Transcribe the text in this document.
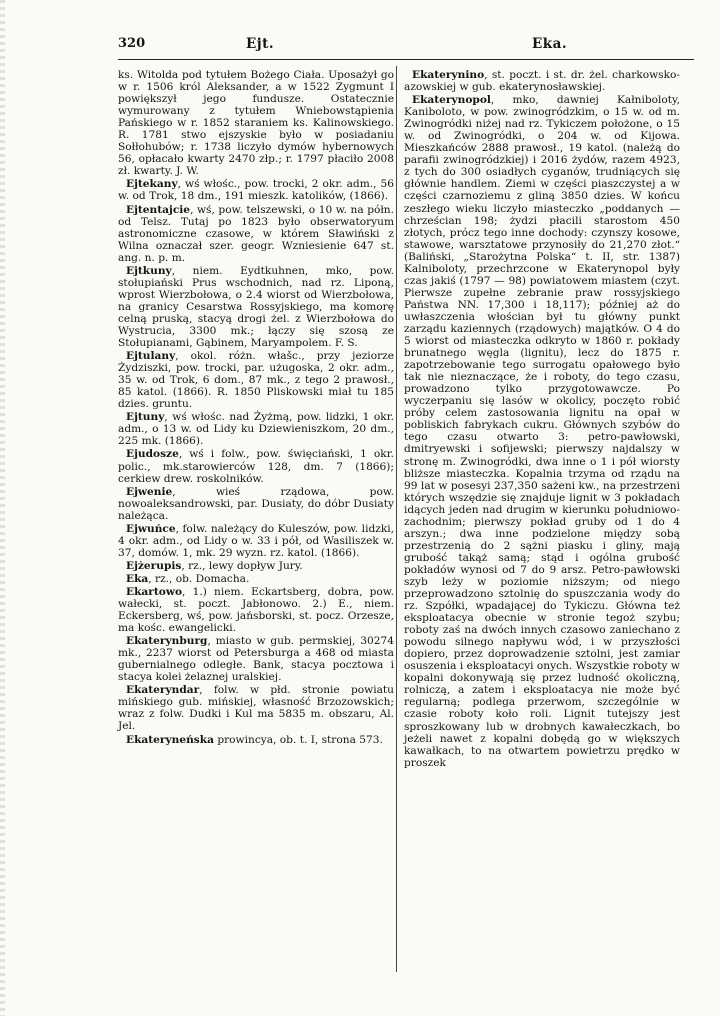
320	Ejt.	Eka.

ks. Witolda pod tytułem Bożego Ciała. Uposażył go w r. 1506 król Aleksander, a w 1522 Zygmunt I powiększył jego fundusze. Ostatecznie wymurowany z tytułem Wniebowstąpienia Pańskiego w r. 1852 staraniem ks. Kalinowskiego. R. 1781 stwo ejszyskie było w posiadaniu Sołłohubów; r. 1738 liczyło dymów hybernowych 56, opłacało kwarty 2470 złp.; r. 1797 płaciło 2008 zł. kwarty. J. W.

Ejtekany, wś włośc., pow. trocki, 2 okr. adm., 56 w. od Trok, 18 dm., 191 mieszk. katolików, (1866).

Ejtentajcie, wś, pow. telszewski, o 10 w. na półn. od Telsz. Tutaj po 1823 było obserwatoryum astronomiczne czasowe, w którem Sławiński z Wilna oznaczał szer. geogr. Wzniesienie 647 st. ang. n. p. m.

Ejtkuny, niem. Eydtkuhnen, mko, pow. stołupiański Prus wschodnich, nad rz. Liponą, wprost Wierzbołowa, o 2.4 wiorst od Wierzbołowa, na granicy Cesarstwa Rossyjskiego, ma komorę celną pruską, stacyą drogi żel. z Wierzbołowa do Wystrucia, 3300 mk.; łączy się szosą ze Stołupianami, Gąbinem, Maryampolem. F. S.

Ejtulany, okol. różn. włašc., przy jeziorze Żydziszki, pow. trocki, par. użugoska, 2 okr. adm., 35 w. od Trok, 6 dom., 87 mk., z tego 2 prawosł., 85 katol. (1866). R. 1850 Pliskowski miał tu 185 dzies. gruntu.

Ejtuny, wś włośc. nad Żyżmą, pow. lidzki, 1 okr. adm., o 13 w. od Lidy ku Dziewieniszkom, 20 dm., 225 mk. (1866).

Ejudosze, wś i folw., pow. święciański, 1 okr. polic., mk.starowierców 128, dm. 7 (1866); cerkiew drew. roskolników.

Ejwenie, wieś rządowa, pow. nowoaleksandrowski, par. Dusiaty, do dóbr Dusiaty należąca.

Ejwuńce, folw. należący do Kuleszów, pow. lidzki, 4 okr. adm., od Lidy o w. 33 i pół, od Wasiliszek w. 37, domów. 1, mk. 29 wyzn. rz. katol. (1866).

Ejżerupis, rz., lewy dopływ Jury.

Eka, rz., ob. Domacha.

Ekartowo, 1.) niem. Eckartsberg, dobra, pow. wałecki, st. poczt. Jabłonowo. 2.) E., niem. Eckersberg, wś, pow. jańsborski, st. pocz. Orzesze, ma kośc. ewangelicki.

Ekaterynburg, miasto w gub. permskiej, 30274 mk., 2237 wiorst od Petersburga a 468 od miasta gubernialnego odległe. Bank, stacya pocztowa i stacya kolei żelaznej uralskiej.

Ekateryndar, folw. w płd. stronie powiatu mińskiego gub. mińskiej, własność Brzozowskich; wraz z folw. Dudki i Kul ma 5835 m. obszaru, Al. Jel.

Ekateryneńska prowincya, ob. t. I, strona 573.

Ekaterynino, st. poczt. i st. dr. żel. charkowsko-azowskiej w gub. ekaterynosławskiej.

Ekaterynopol, mko, dawniej Kałniboloty, Kaniboloto, w pow. zwinogródzkim, o 15 w. od m. Zwinogródki niżej nad rz. Tykiczem położone, o 15 w. od Zwinogródki, o 204 w. od Kijowa. Mieszkańców 2888 prawosł., 19 katol. (należą do parafii zwinogródzkiej) i 2016 żydów, razem 4923, z tych do 300 osiadłych cyganów, trudniących się głównie handlem. Ziemi w części piaszczystej a w części czarnoziemu z gliną 3850 dzies. W końcu zeszłego wieku liczyło miasteczko „poddanych — chrześcian 198; żydzi płacili starostom 450 złotych, prócz tego inne dochody: czynszy kosowe, stawowe, warsztatowe przynosiły do 21,270 złot.“ (Baliński, „Starożytna Polska“ t. II, str. 1387) Kalniboloty, przechrzcone w Ekaterynopol były czas jakiś (1797 — 98) powiatowem miastem (czyt. Pierwsze zupełne zebranie praw rossyjskiego Państwa NN. 17,300 i 18,117); później aż do uwłaszczenia włościan był tu główny punkt zarządu kaziennych (rządowych) majątków. O 4 do 5 wiorst od miasteczka odkryto w 1860 r. pokłady brunatnego węgla (lignitu), lecz do 1875 r. zapotrzebowanie tego surrogatu opałowego było tak nie nieznaczące, że i roboty, do tego czasu, prowadzono tylko przygotowawcze. Po wyczerpaniu się lasów w okolicy, poczęto robić próby celem zastosowania lignitu na opał w pobliskich fabrykach cukru. Głównych szybów do tego czasu otwarto 3: petro-pawłowski, dmitryewski i sofijewski; pierwszy najdalszy w stronę m. Zwinogródki, dwa inne o 1 i pół wiorsty bliższe miasteczka. Kopalnia trzyma od rządu na 99 lat w posesyi 237,350 sażeni kw., na przestrzeni których wszędzie się znajduje lignit w 3 pokładach idących jeden nad drugim w kierunku południowo-zachodnim; pierwszy pokład gruby od 1 do 4 arszyn.; dwa inne podzielone między sobą przestrzenią do 2 sążni piasku i gliny, mają grubość takąż samą; stąd i ogólna grubość pokładów wynosi od 7 do 9 arsz. Petro-pawłowski szyb leży w poziomie niższym; od niego przeprowadzono sztolnię do spuszczania wody do rz. Szpółki, wpadającej do Tykiczu. Główna też eksploatacya obecnie w stronie tegoż szybu; roboty zaś na dwóch innych czasowo zaniechano z powodu silnego napływu wód, i w przyszłości dopiero, przez doprowadzenie sztolni, jest zamiar osuszenia i eksploatacyi onych. Wszystkie roboty w kopalni dokonywają się przez ludność okoliczną, rolniczą, a zatem i eksploatacya nie może być regularną; podlega przerwom, szczególnie w czasie roboty koło roli. Lignit tutejszy jest sproszkowany lub w drobnych kawałeczkach, bo jeżeli nawet z kopalni dobędą go w większych kawałkach, to na otwartem powietrzu prędko w proszek
